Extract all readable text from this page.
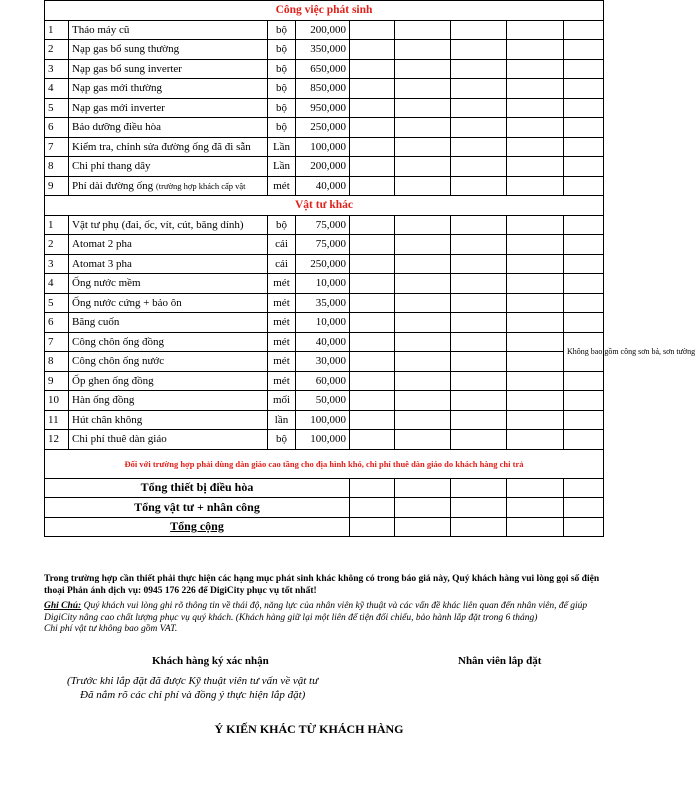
Công việc phát sinh								
1	Tháo máy cũ	bộ	200,000					
2	Nạp gas bổ sung thường	bộ	350,000					
3	Nạp gas bổ sung inverter	bộ	650,000					
4	Nạp gas mới thường	bộ	850,000					
5	Nạp gas mới inverter	bộ	950,000					
6	Bảo dưỡng điều hòa	bộ	250,000					
7	Kiểm tra, chỉnh sửa đường ống đã đi sẵn	Lần	100,000					
8	Chi phí thang dây	Lần	200,000					
9	Phí dài đường ống (trường hợp khách cấp vật	mét	40,000					
Vật tư khác								
1	Vật tư phụ (đai, ốc, vít, cút, băng dính)	bộ	75,000					
2	Atomat 2 pha	cái	75,000					
3	Atomat 3 pha	cái	250,000					
4	Ống nước mềm	mét	10,000					
5	Ống nước cứng + bảo ôn	mét	35,000					
6	Băng cuốn	mét	10,000					
7	Công chôn ống đồng	mét	40,000					Không bao gồm công sơn bả, sơn tường
8	Công chôn ống nước	mét	30,000					
9	Ốp ghen ống đồng	mét	60,000					
10	Hàn ống đồng	mối	50,000					
11	Hút chân không	lần	100,000					
12	Chi phí thuê dàn giáo	bộ	100,000					
Đối với trường hợp phải dùng dàn giáo cao tầng cho địa hình khó, chi phí thuê dàn giáo do khách hàng chi trả								
Tổng thiết bị điều hòa								
Tổng vật tư + nhân công								
Tổng cộng								
Trong trường hợp cần thiết phải thực hiện các hạng mục phát sinh khác không có trong báo giá này, Quý khách hàng vui lòng gọi số điện thoại Phản ánh dịch vụ: 0945 176 226 để DigiCity phục vụ tốt nhất!
Ghi Chú: Quý khách vui lòng ghi rõ thông tin về thái độ, năng lực của nhân viên kỹ thuật và các vấn đề khác liên quan đến nhân viên, để giúp DigiCity nâng cao chất lượng phục vụ quý khách. (Khách hàng giữ lại một liên để tiện đối chiếu, bảo hành lắp đặt trong 6 tháng)
Chi phí vật tư không bao gồm VAT.
Khách hàng ký xác nhận	Nhân viên lắp đặt
(Trước khi lắp đặt đã được Kỹ thuật viên tư vấn về vật tư
Đã nắm rõ các chi phí và đồng ý thực hiện lắp đặt)
Ý KIẾN KHÁC TỪ KHÁCH HÀNG
